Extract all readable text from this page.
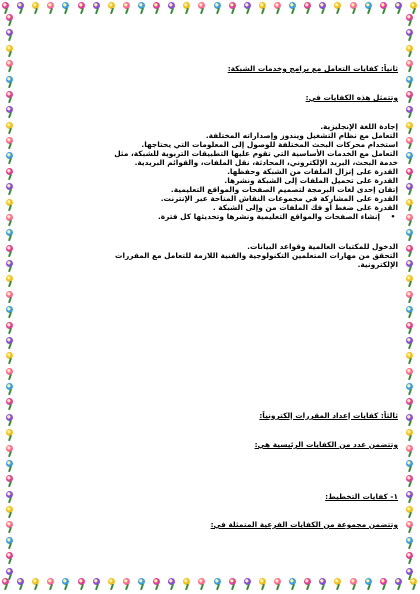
ثانياً: كفايات التعامل مع برامج وخدمات الشبكة:
وتتمثل هذه الكفايات في:
إجادة اللغة الإنجليزية.
التعامل مع نظام التشغيل ويندوز وإصداراته المختلفة.
استخدام محركات البحث المختلفة للوصول إلى المعلومات التي يحتاجها.
التعامل مع الخدمات الأساسية التي تقوم عليها التطبيقات التربوية للشبكة، مثل
خدمة البحث، البريد الإلكتروني، المحادثة، نقل الملفات، والقوائم البريدية.
القدرة على إنزال الملفات من الشبكة وحفظها.
القدرة على تحميل الملفات إلى الشبكة ونشرها.
إتقان إحدى لغات البرمجة لتصميم الصفحات والمواقع التعليمية.
القدرة على المشاركة في مجموعات النقاش المتاحة عبر الإنترنت.
القدرة على ضغط أو فك الملفات من وإلى الشبكة .
•إنشاء الصفحات والمواقع التعليمية ونشرها وتحديثها كل فترة.
الدخول للمكتبات العالمية وقواعد البيانات.
التحقق من مهارات المتعلمين التكنولوجية والفنية اللازمة للتعامل مع المقررات
الإلكترونية.
ثالثاً: كفايات إعداد المقررات إلكترونياً:
وتتضمن عدد من الكفايات الرئيسية هي:
١- كفايات التخطيط:
وتتضمن مجموعة من الكفايات الفرعية المتمثلة في:
